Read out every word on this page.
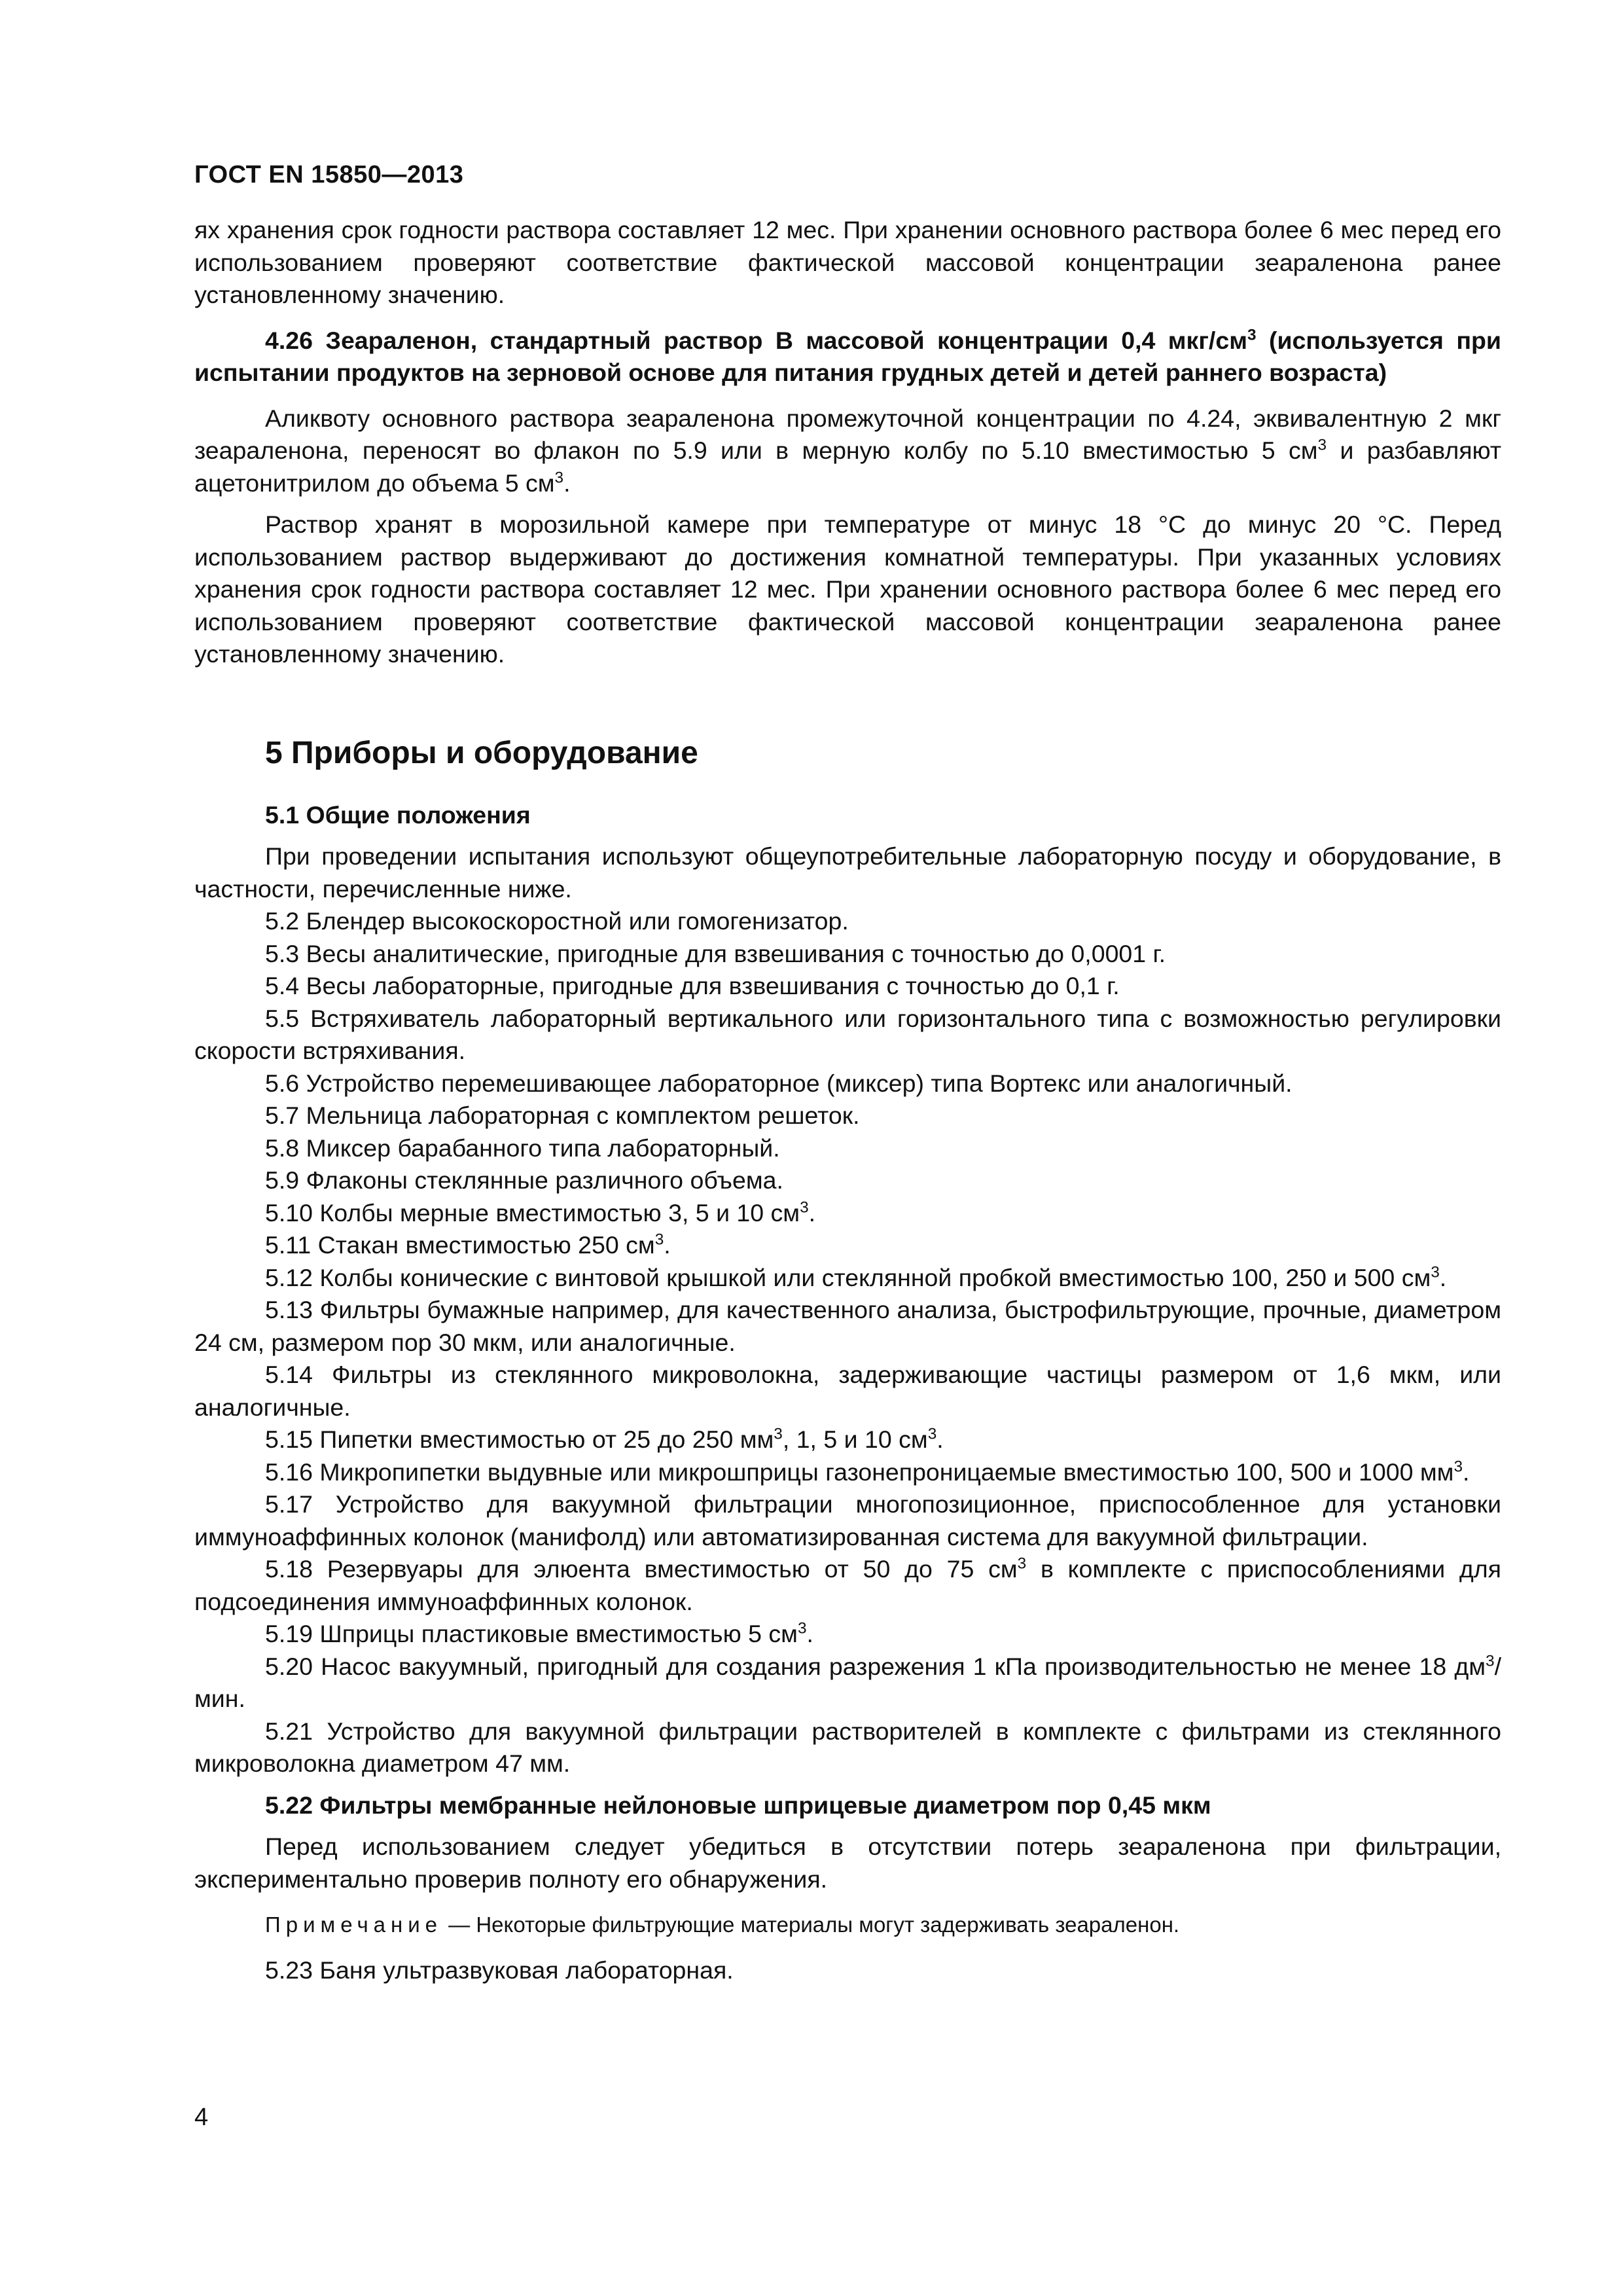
ГОСТ EN 15850—2013

ях хранения срок годности раствора составляет 12 мес. При хранении основного раствора более 6 мес перед его использованием проверяют соответствие фактической массовой концентрации зеараленона ранее установленному значению.

4.26 Зеараленон, стандартный раствор В массовой концентрации 0,4 мкг/$см^3$ (используется при испытании продуктов на зерновой основе для питания грудных детей и детей раннего возраста)

Аликвоту основного раствора зеараленона промежуточной концентрации по 4.24, эквивалентную 2 мкг зеараленона, переносят во флакон по 5.9 или в мерную колбу по 5.10 вместимостью 5 $см^3$ и разбавляют ацетонитрилом до объема 5 $см^3$.

Раствор хранят в морозильной камере при температуре от минус 18 °С до минус 20 °С. Перед использованием раствор выдерживают до достижения комнатной температуры. При указанных условиях хранения срок годности раствора составляет 12 мес. При хранении основного раствора более 6 мес перед его использованием проверяют соответствие фактической массовой концентрации зеараленона ранее установленному значению.

5 Приборы и оборудование
5.1 Общие положения

При проведении испытания используют общеупотребительные лабораторную посуду и оборудование, в частности, перечисленные ниже.

5.2 Блендер высокоскоростной или гомогенизатор.

5.3 Весы аналитические, пригодные для взвешивания с точностью до 0,0001 г.

5.4 Весы лабораторные, пригодные для взвешивания с точностью до 0,1 г.

5.5 Встряхиватель лабораторный вертикального или горизонтального типа с возможностью регулировки скорости встряхивания.

5.6 Устройство перемешивающее лабораторное (миксер) типа Вортекс или аналогичный.

5.7 Мельница лабораторная с комплектом решеток.

5.8 Миксер барабанного типа лабораторный.

5.9 Флаконы стеклянные различного объема.

5.10 Колбы мерные вместимостью 3, 5 и 10 $см^3$.

5.11 Стакан вместимостью 250 $см^3$.

5.12 Колбы конические с винтовой крышкой или стеклянной пробкой вместимостью 100, 250 и 500 $см^3$.

5.13 Фильтры бумажные например, для качественного анализа, быстрофильтрующие, прочные, диаметром 24 см, размером пор 30 мкм, или аналогичные.

5.14 Фильтры из стеклянного микроволокна, задерживающие частицы размером от 1,6 мкм, или аналогичные.

5.15 Пипетки вместимостью от 25 до 250 $мм^3$, 1, 5 и 10 $см^3$.

5.16 Микропипетки выдувные или микрошприцы газонепроницаемые вместимостью 100, 500 и 1000 $мм^3$.

5.17 Устройство для вакуумной фильтрации многопозиционное, приспособленное для установки иммуноаффинных колонок (манифолд) или автоматизированная система для вакуумной фильтрации.

5.18 Резервуары для элюента вместимостью от 50 до 75 $см^3$ в комплекте с приспособлениями для подсоединения иммуноаффинных колонок.

5.19 Шприцы пластиковые вместимостью 5 $см^3$.

5.20 Насос вакуумный, пригодный для создания разрежения 1 кПа производительностью не менее 18 $дм^3$/мин.

5.21 Устройство для вакуумной фильтрации растворителей в комплекте с фильтрами из стеклянного микроволокна диаметром 47 мм.

5.22 Фильтры мембранные нейлоновые шприцевые диаметром пор 0,45 мкм

Перед использованием следует убедиться в отсутствии потерь зеараленона при фильтрации, экспериментально проверив полноту его обнаружения.

Примечание — Некоторые фильтрующие материалы могут задерживать зеараленон.

5.23 Баня ультразвуковая лабораторная.

4
